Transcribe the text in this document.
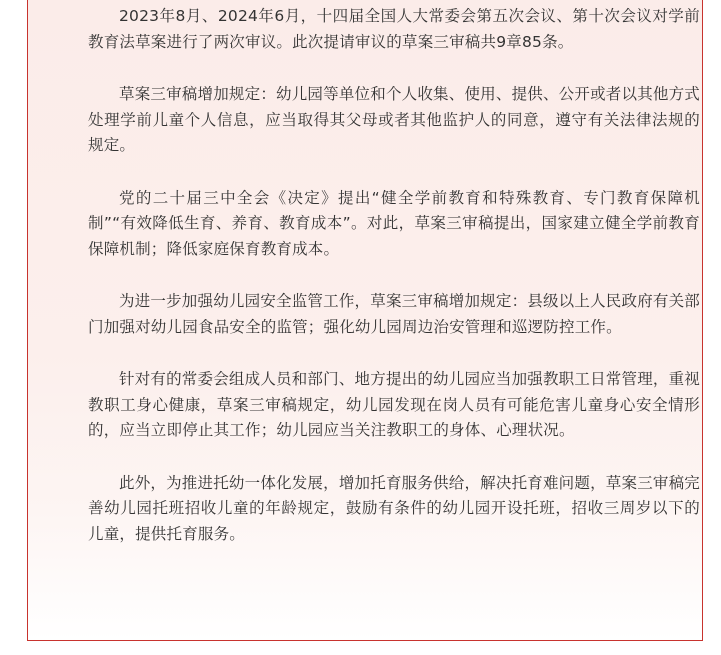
2023年8月、2024年6月，十四届全国人大常委会第五次会议、第十次会议对学前教育法草案进行了两次审议。此次提请审议的草案三审稿共9章85条。

草案三审稿增加规定：幼儿园等单位和个人收集、使用、提供、公开或者以其他方式处理学前儿童个人信息，应当取得其父母或者其他监护人的同意，遵守有关法律法规的规定。

党的二十届三中全会《决定》提出“健全学前教育和特殊教育、专门教育保障机制”“有效降低生育、养育、教育成本”。对此，草案三审稿提出，国家建立健全学前教育保障机制；降低家庭保育教育成本。

为进一步加强幼儿园安全监管工作，草案三审稿增加规定：县级以上人民政府有关部门加强对幼儿园食品安全的监管；强化幼儿园周边治安管理和巡逻防控工作。

针对有的常委会组成人员和部门、地方提出的幼儿园应当加强教职工日常管理，重视教职工身心健康，草案三审稿规定，幼儿园发现在岗人员有可能危害儿童身心安全情形的，应当立即停止其工作；幼儿园应当关注教职工的身体、心理状况。

此外，为推进托幼一体化发展，增加托育服务供给，解决托育难问题，草案三审稿完善幼儿园托班招收儿童的年龄规定，鼓励有条件的幼儿园开设托班，招收三周岁以下的儿童，提供托育服务。
